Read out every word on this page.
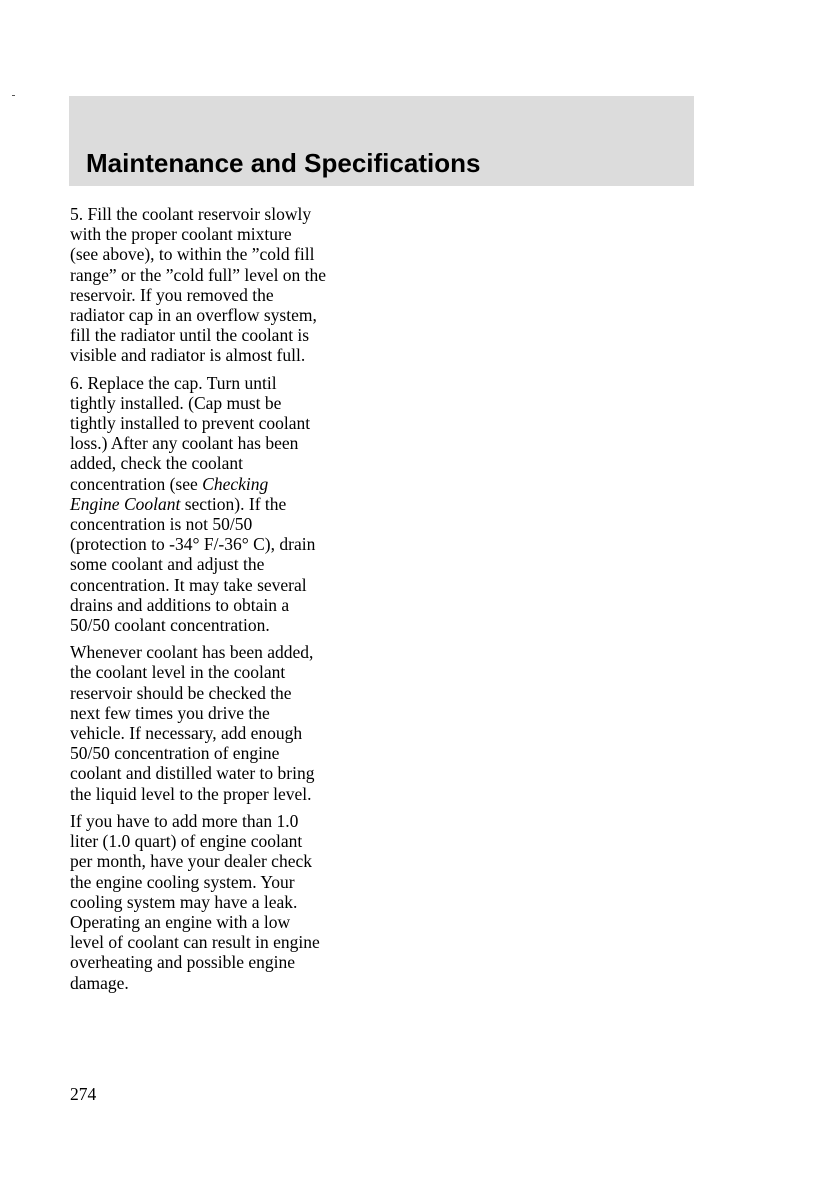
Maintenance and Specifications

5. Fill the coolant reservoir slowly
with the proper coolant mixture
(see above), to within the ”cold fill
range” or the ”cold full” level on the
reservoir. If you removed the
radiator cap in an overflow system,
fill the radiator until the coolant is
visible and radiator is almost full.

6. Replace the cap. Turn until
tightly installed. (Cap must be
tightly installed to prevent coolant
loss.) After any coolant has been
added, check the coolant
concentration (see Checking
Engine Coolant section). If the
concentration is not 50/50
(protection to -34° F/-36° C), drain
some coolant and adjust the
concentration. It may take several
drains and additions to obtain a
50/50 coolant concentration.

Whenever coolant has been added,
the coolant level in the coolant
reservoir should be checked the
next few times you drive the
vehicle. If necessary, add enough
50/50 concentration of engine
coolant and distilled water to bring
the liquid level to the proper level.

If you have to add more than 1.0
liter (1.0 quart) of engine coolant
per month, have your dealer check
the engine cooling system. Your
cooling system may have a leak.
Operating an engine with a low
level of coolant can result in engine
overheating and possible engine
damage.

274
